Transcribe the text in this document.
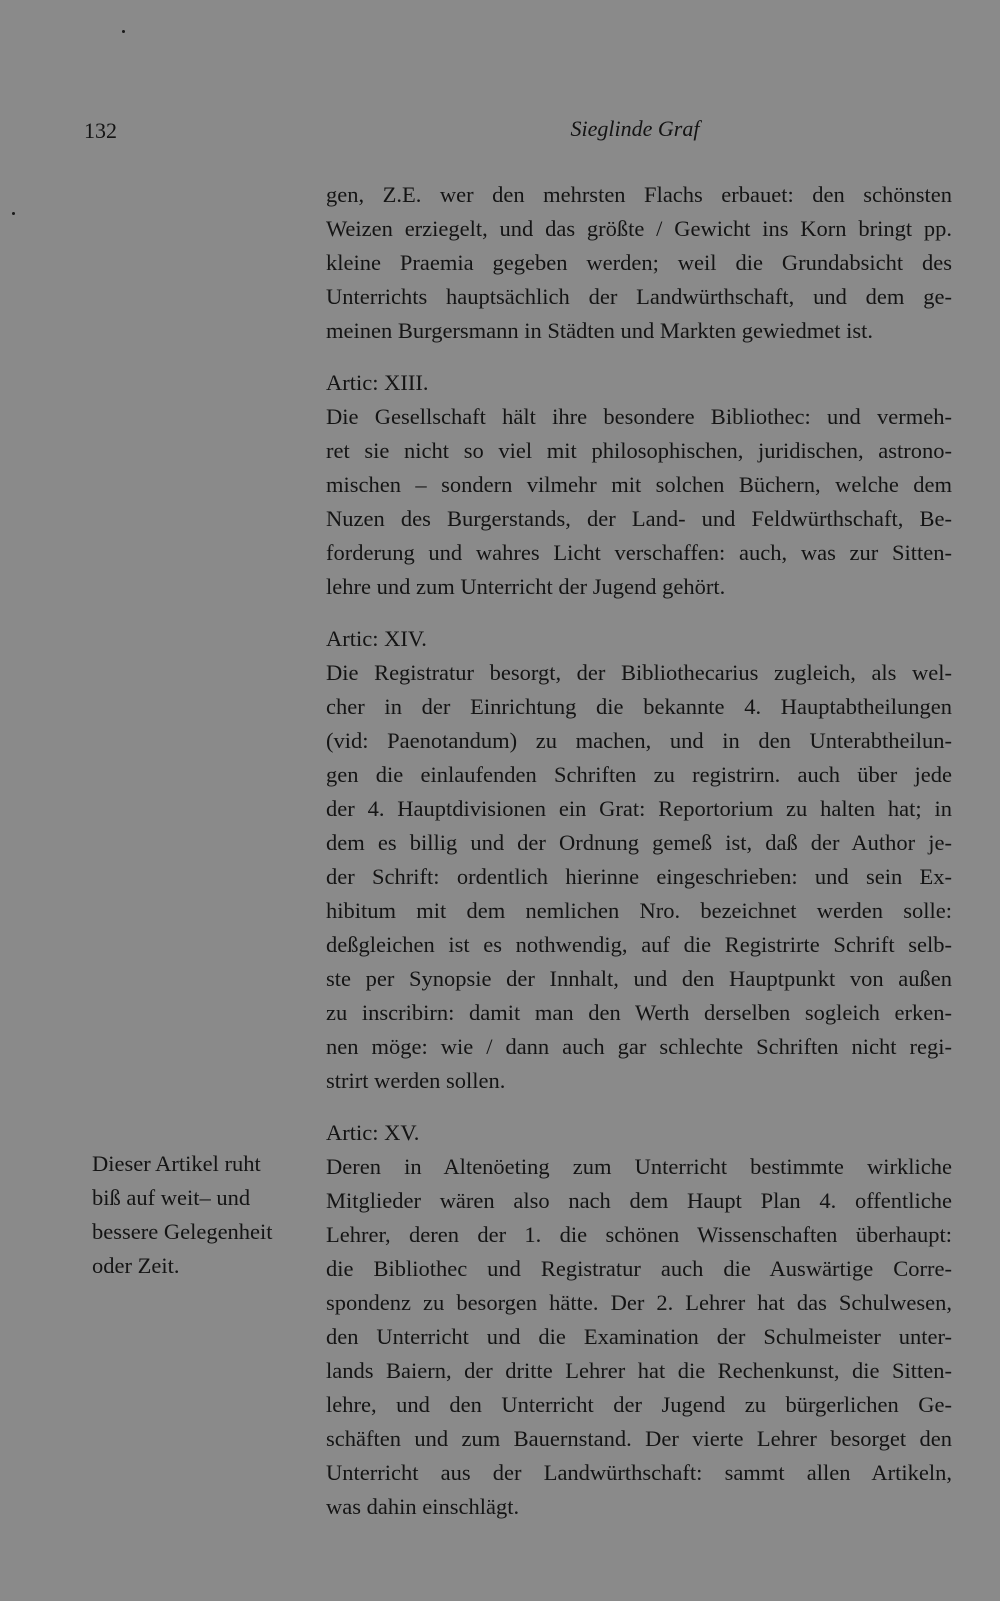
132	Sieglinde Graf
gen, Z.E. wer den mehrsten Flachs erbauet: den schönsten
Weizen erziegelt, und das größte / Gewicht ins Korn bringt pp.
kleine Praemia gegeben werden; weil die Grundabsicht des
Unterrichts hauptsächlich der Landwürthschaft, und dem ge-
meinen Burgersmann in Städten und Markten gewiedmet ist.
Artic: XIII.
Die Gesellschaft hält ihre besondere Bibliothec: und vermeh-
ret sie nicht so viel mit philosophischen, juridischen, astrono-
mischen – sondern vilmehr mit solchen Büchern, welche dem
Nuzen des Burgerstands, der Land- und Feldwürthschaft, Be-
forderung und wahres Licht verschaffen: auch, was zur Sitten-
lehre und zum Unterricht der Jugend gehört.
Artic: XIV.
Die Registratur besorgt, der Bibliothecarius zugleich, als wel-
cher in der Einrichtung die bekannte 4. Hauptabtheilungen
(vid: Paenotandum) zu machen, und in den Unterabtheilun-
gen die einlaufenden Schriften zu registrirn. auch über jede
der 4. Hauptdivisionen ein Grat: Reportorium zu halten hat; in
dem es billig und der Ordnung gemeß ist, daß der Author je-
der Schrift: ordentlich hierinne eingeschrieben: und sein Ex-
hibitum mit dem nemlichen Nro. bezeichnet werden solle:
deßgleichen ist es nothwendig, auf die Registrirte Schrift selb-
ste per Synopsie der Innhalt, und den Hauptpunkt von außen
zu inscribirn: damit man den Werth derselben sogleich erken-
nen möge: wie / dann auch gar schlechte Schriften nicht regi-
strirt werden sollen.
Artic: XV.
Deren in Altenöeting zum Unterricht bestimmte wirkliche
Mitglieder wären also nach dem Haupt Plan 4. offentliche
Lehrer, deren der 1. die schönen Wissenschaften überhaupt:
die Bibliothec und Registratur auch die Auswärtige Corre-
spondenz zu besorgen hätte. Der 2. Lehrer hat das Schulwesen,
den Unterricht und die Examination der Schulmeister unter-
lands Baiern, der dritte Lehrer hat die Rechenkunst, die Sitten-
lehre, und den Unterricht der Jugend zu bürgerlichen Ge-
schäften und zum Bauernstand. Der vierte Lehrer besorget den
Unterricht aus der Landwürthschaft: sammt allen Artikeln,
was dahin einschlägt.
Dieser Artikel ruht
biß auf weit– und
bessere Gelegenheit
oder Zeit.
